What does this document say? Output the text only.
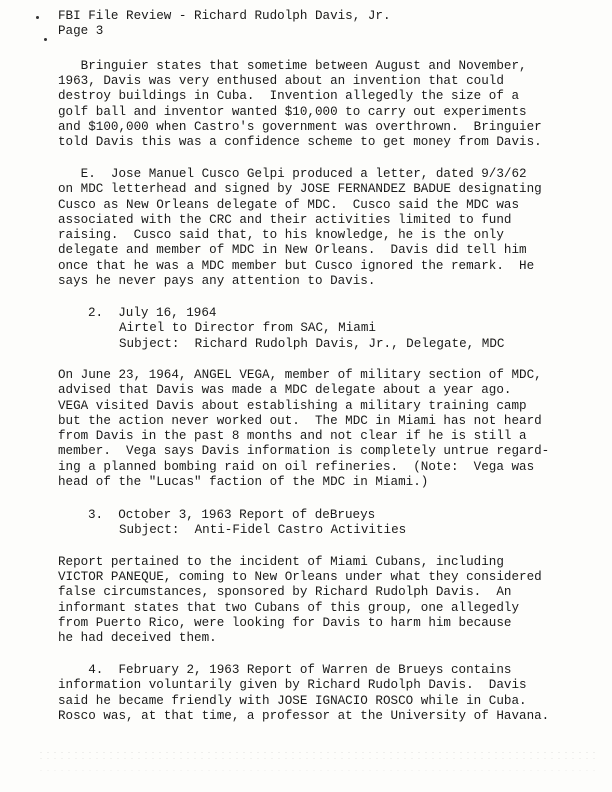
FBI File Review - Richard Rudolph Davis, Jr.
Page 3
Bringuier states that sometime between August and November,
1963, Davis was very enthused about an invention that could
destroy buildings in Cuba.  Invention allegedly the size of a
golf ball and inventor wanted $10,000 to carry out experiments
and $100,000 when Castro's government was overthrown.  Bringuier
told Davis this was a confidence scheme to get money from Davis.
E.  Jose Manuel Cusco Gelpi produced a letter, dated 9/3/62
on MDC letterhead and signed by JOSE FERNANDEZ BADUE designating
Cusco as New Orleans delegate of MDC.  Cusco said the MDC was
associated with the CRC and their activities limited to fund
raising.  Cusco said that, to his knowledge, he is the only
delegate and member of MDC in New Orleans.  Davis did tell him
once that he was a MDC member but Cusco ignored the remark.  He
says he never pays any attention to Davis.
2.  July 16, 1964
Airtel to Director from SAC, Miami
Subject:  Richard Rudolph Davis, Jr., Delegate, MDC
On June 23, 1964, ANGEL VEGA, member of military section of MDC,
advised that Davis was made a MDC delegate about a year ago.
VEGA visited Davis about establishing a military training camp
but the action never worked out.  The MDC in Miami has not heard
from Davis in the past 8 months and not clear if he is still a
member.  Vega says Davis information is completely untrue regard-
ing a planned bombing raid on oil refineries.  (Note:  Vega was
head of the "Lucas" faction of the MDC in Miami.)
3.  October 3, 1963 Report of deBrueys
Subject:  Anti-Fidel Castro Activities
Report pertained to the incident of Miami Cubans, including
VICTOR PANEQUE, coming to New Orleans under what they considered
false circumstances, sponsored by Richard Rudolph Davis.  An
informant states that two Cubans of this group, one allegedly
from Puerto Rico, were looking for Davis to harm him because
he had deceived them.
4.  February 2, 1963 Report of Warren de Brueys contains
information voluntarily given by Richard Rudolph Davis.  Davis
said he became friendly with JOSE IGNACIO ROSCO while in Cuba.
Rosco was, at that time, a professor at the University of Havana.
